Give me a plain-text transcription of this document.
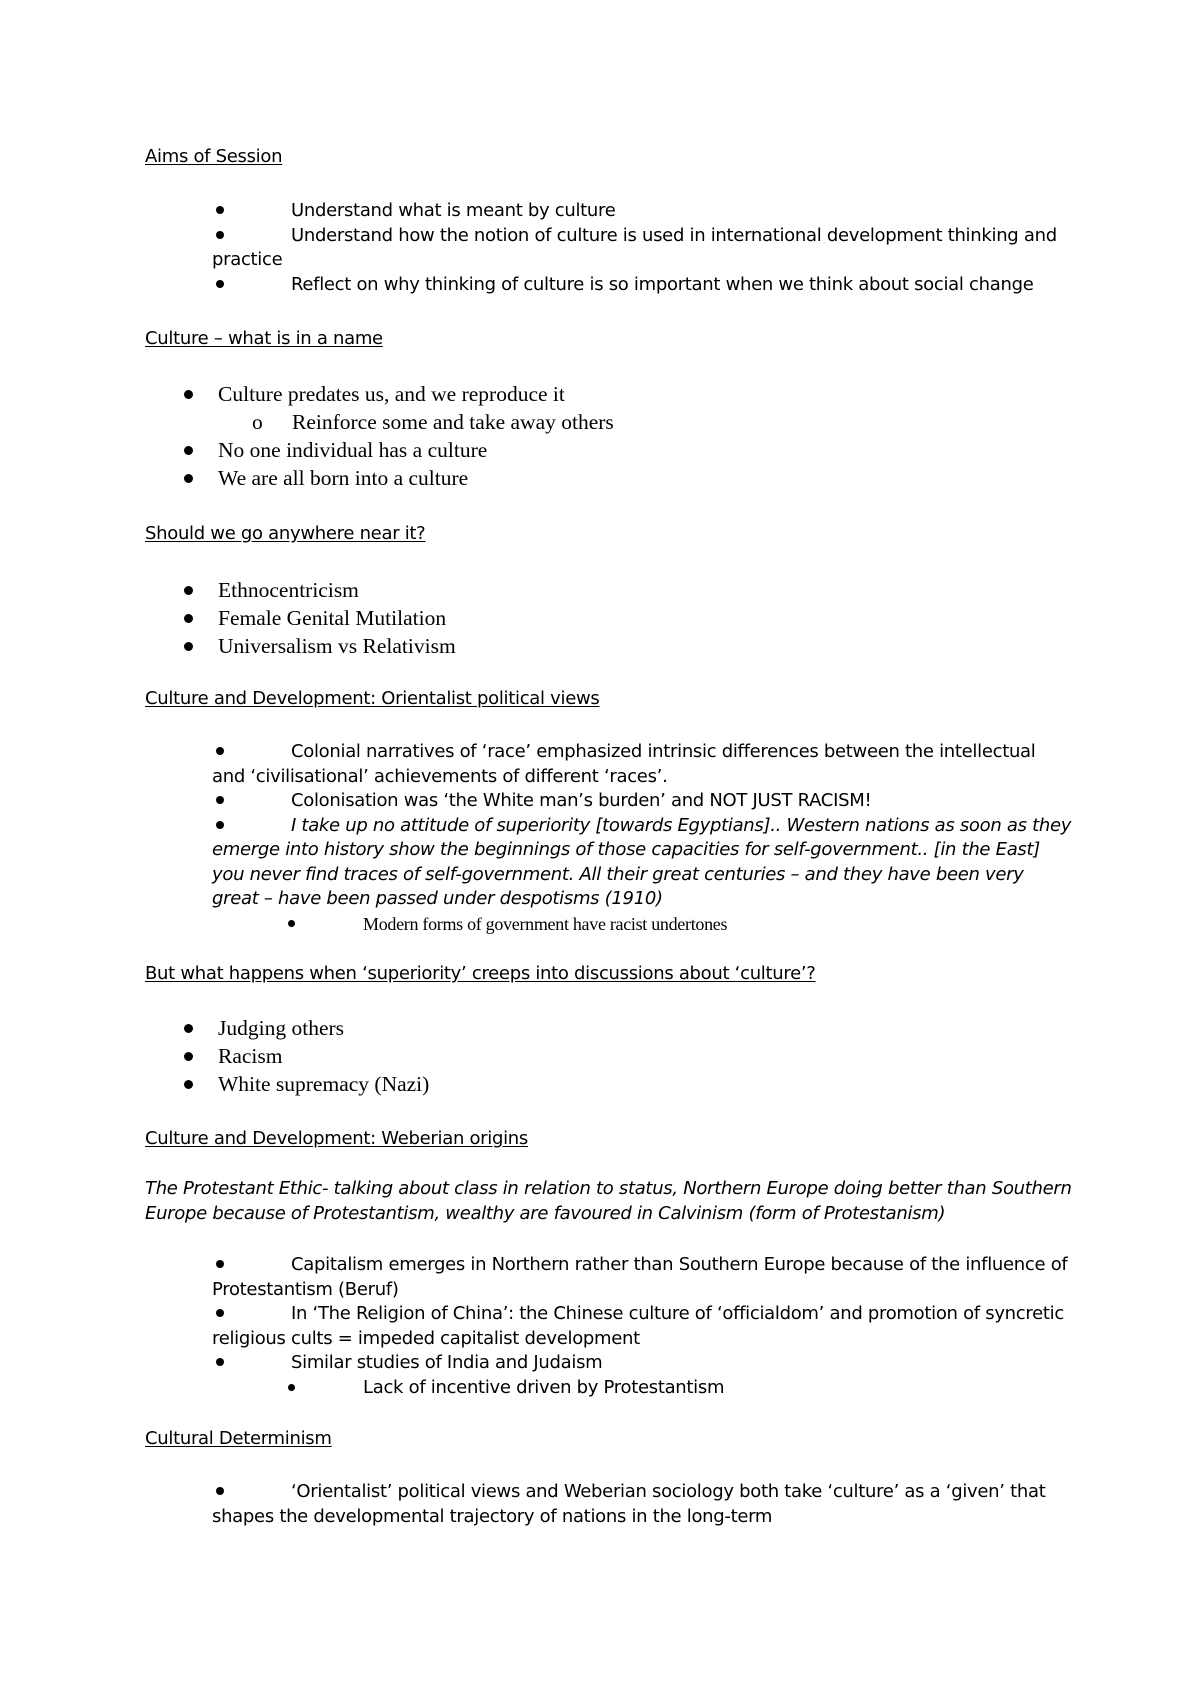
Aims of Session
Understand what is meant by culture
Understand how the notion of culture is used in international development thinking and practice
Reflect on why thinking of culture is so important when we think about social change
Culture – what is in a name
Culture predates us, and we reproduce it
o Reinforce some and take away others
No one individual has a culture
We are all born into a culture
Should we go anywhere near it?
Ethnocentricism
Female Genital Mutilation
Universalism vs Relativism
Culture and Development: Orientalist political views
Colonial narratives of ‘race’ emphasized intrinsic differences between the intellectual and ‘civilisational’ achievements of different ‘races’.
Colonisation was ‘the White man’s burden’ and NOT JUST RACISM!
I take up no attitude of superiority [towards Egyptians].. Western nations as soon as they emerge into history show the beginnings of those capacities for self-government.. [in the East] you never find traces of self-government. All their great centuries – and they have been very great – have been passed under despotisms (1910)
Modern forms of government have racist undertones
But what happens when ‘superiority’ creeps into discussions about ‘culture’?
Judging others
Racism
White supremacy (Nazi)
Culture and Development: Weberian origins
The Protestant Ethic- talking about class in relation to status, Northern Europe doing better than Southern Europe because of Protestantism, wealthy are favoured in Calvinism (form of Protestanism)
Capitalism emerges in Northern rather than Southern Europe because of the influence of Protestantism (Beruf)
In ‘The Religion of China’: the Chinese culture of ‘officialdom’ and promotion of syncretic religious cults = impeded capitalist development
Similar studies of India and Judaism
Lack of incentive driven by Protestantism
Cultural Determinism
‘Orientalist’ political views and Weberian sociology both take ‘culture’ as a ‘given’ that shapes the developmental trajectory of nations in the long-term
